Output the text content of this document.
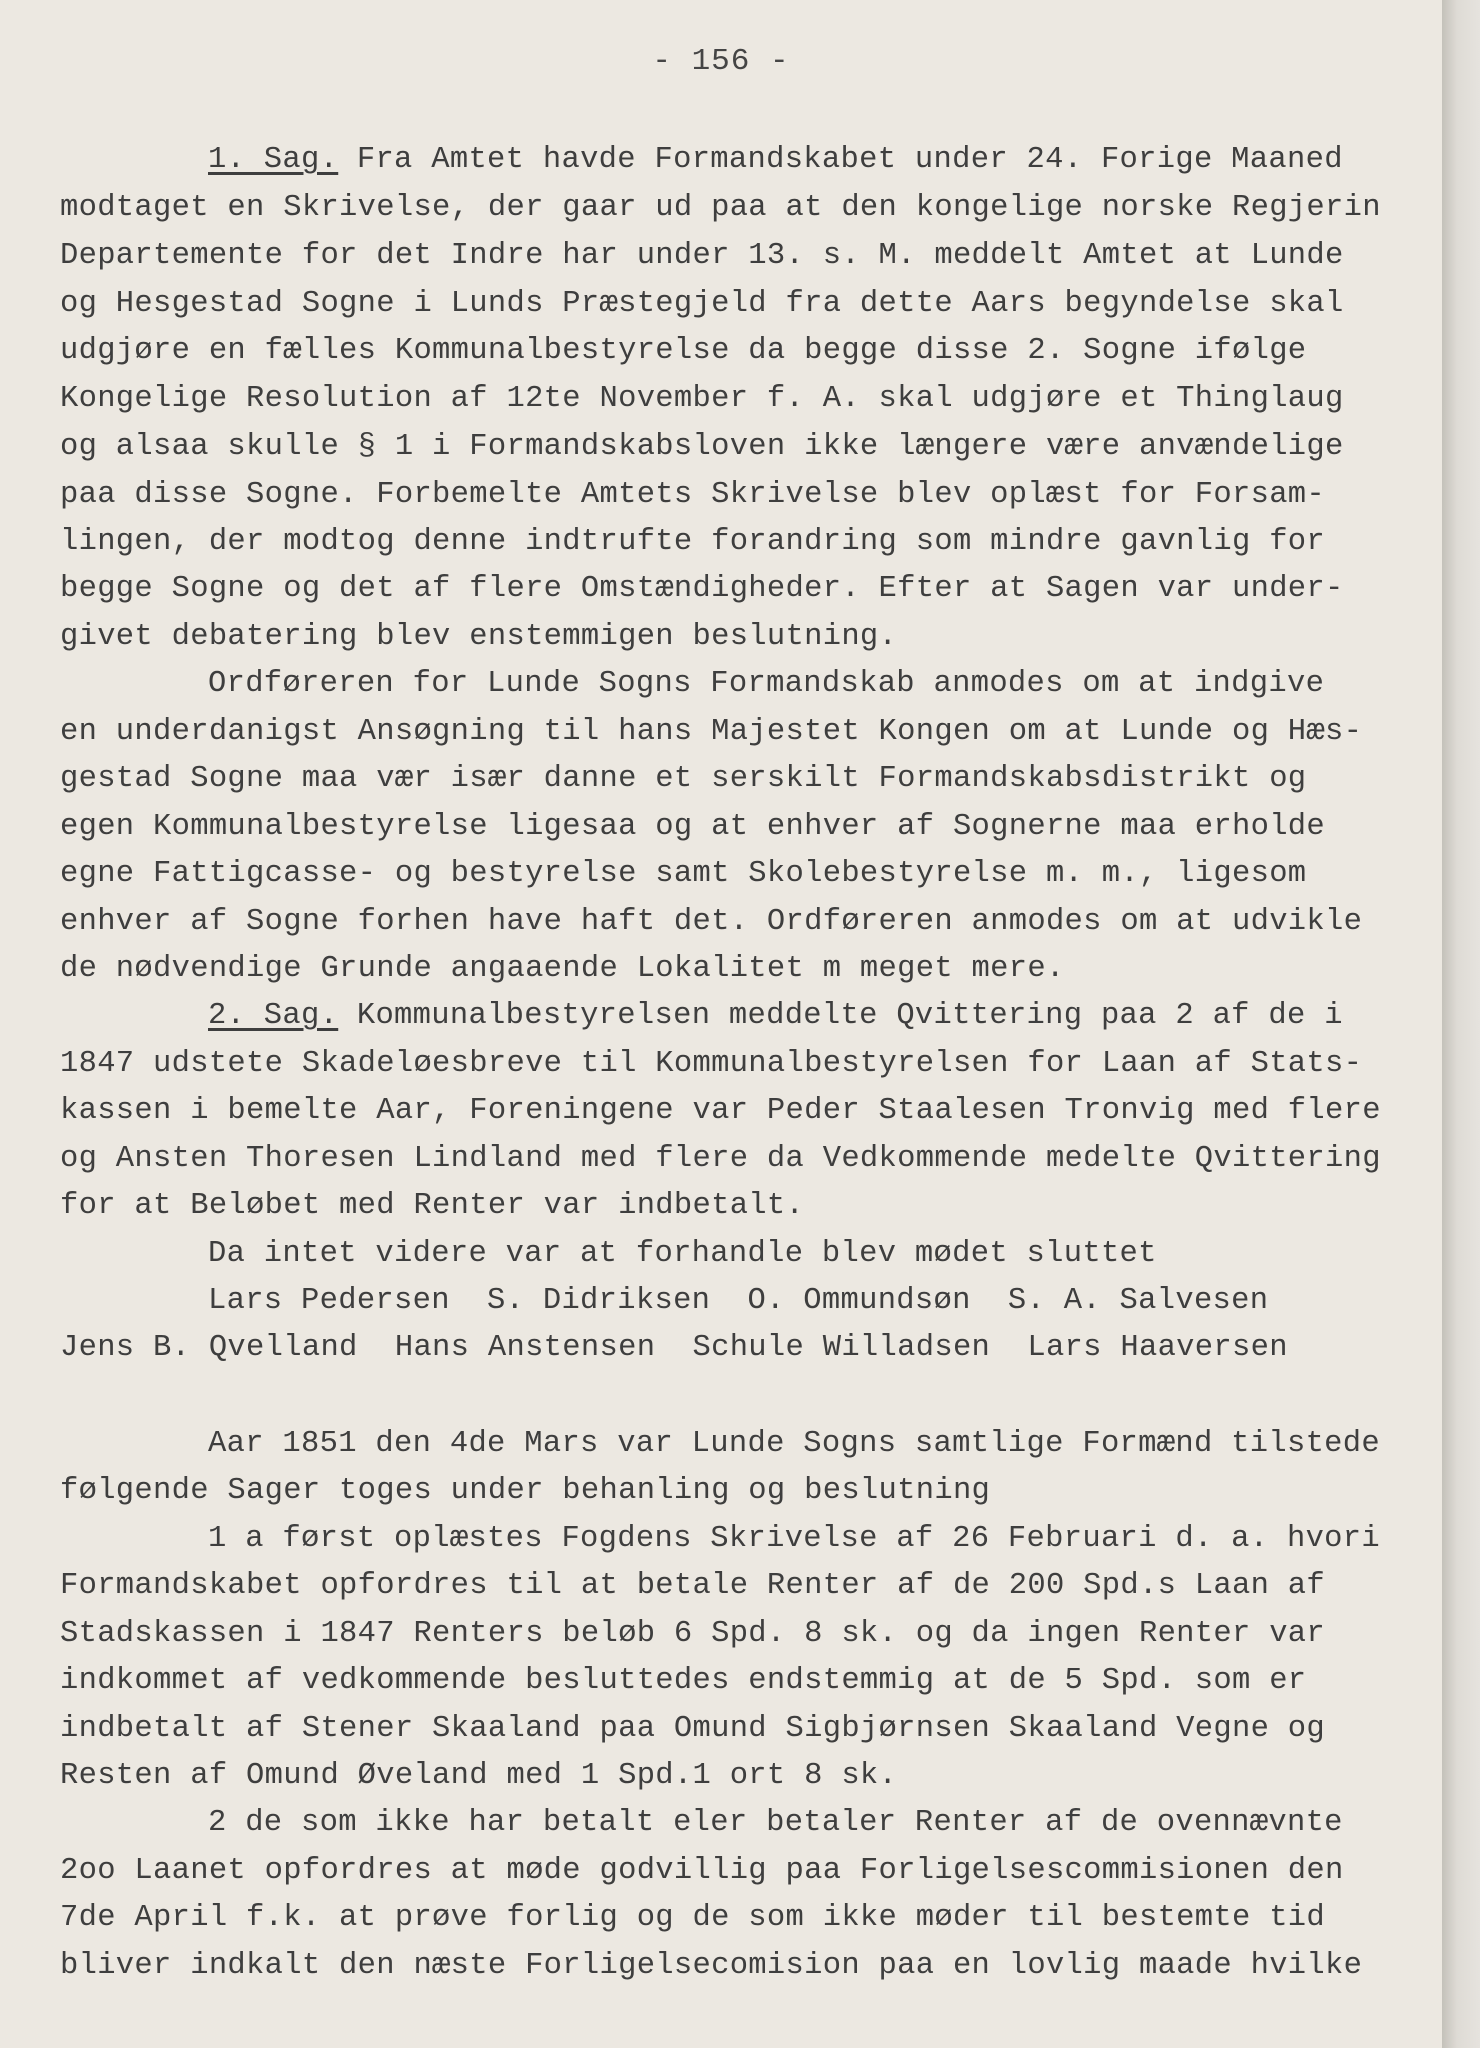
- 156 -
1. Sag. Fra Amtet havde Formandskabet under 24. Forige Maaned
modtaget en Skrivelse, der gaar ud paa at den kongelige norske Regjerin
Departemente for det Indre har under 13. s. M. meddelt Amtet at Lunde
og Hesgestad Sogne i Lunds Præstegjeld fra dette Aars begyndelse skal
udgjøre en fælles Kommunalbestyrelse da begge disse 2. Sogne ifølge
Kongelige Resolution af 12te November f. A. skal udgjøre et Thinglaug
og alsaa skulle § 1 i Formandskabsloven ikke længere være anvændelige
paa disse Sogne. Forbemelte Amtets Skrivelse blev oplæst for Forsam-
lingen, der modtog denne indtrufte forandring som mindre gavnlig for
begge Sogne og det af flere Omstændigheder. Efter at Sagen var under-
givet debatering blev enstemmigen beslutning.
Ordføreren for Lunde Sogns Formandskab anmodes om at indgive
en underdanigst Ansøgning til hans Majestet Kongen om at Lunde og Hæs-
gestad Sogne maa vær især danne et serskilt Formandskabsdistrikt og
egen Kommunalbestyrelse ligesaa og at enhver af Sognerne maa erholde
egne Fattigcasse- og bestyrelse samt Skolebestyrelse m. m., ligesom
enhver af Sogne forhen have haft det. Ordføreren anmodes om at udvikle
de nødvendige Grunde angaaende Lokalitet m meget mere.
2. Sag. Kommunalbestyrelsen meddelte Qvittering paa 2 af de i
1847 udstete Skadeløesbreve til Kommunalbestyrelsen for Laan af Stats-
kassen i bemelte Aar, Foreningene var Peder Staalesen Tronvig med flere
og Ansten Thoresen Lindland med flere da Vedkommende medelte Qvittering
for at Beløbet med Renter var indbetalt.
Da intet videre var at forhandle blev mødet sluttet
Lars Pedersen  S. Didriksen  O. Ommundsøn  S. A. Salvesen
Jens B. Qvelland  Hans Anstensen  Schule Willadsen  Lars Haaversen
Aar 1851 den 4de Mars var Lunde Sogns samtlige Formænd tilstede
følgende Sager toges under behanling og beslutning
1 a først oplæstes Fogdens Skrivelse af 26 Februari d. a. hvori
Formandskabet opfordres til at betale Renter af de 200 Spd.s Laan af
Stadskassen i 1847 Renters beløb 6 Spd. 8 sk. og da ingen Renter var
indkommet af vedkommende besluttedes endstemmig at de 5 Spd. som er
indbetalt af Stener Skaaland paa Omund Sigbjørnsen Skaaland Vegne og
Resten af Omund Øveland med 1 Spd.1 ort 8 sk.
2 de som ikke har betalt eler betaler Renter af de ovennævnte
2oo Laanet opfordres at møde godvillig paa Forligelsescommisionen den
7de April f.k. at prøve forlig og de som ikke møder til bestemte tid
bliver indkalt den næste Forligelsecomision paa en lovlig maade hvilke
